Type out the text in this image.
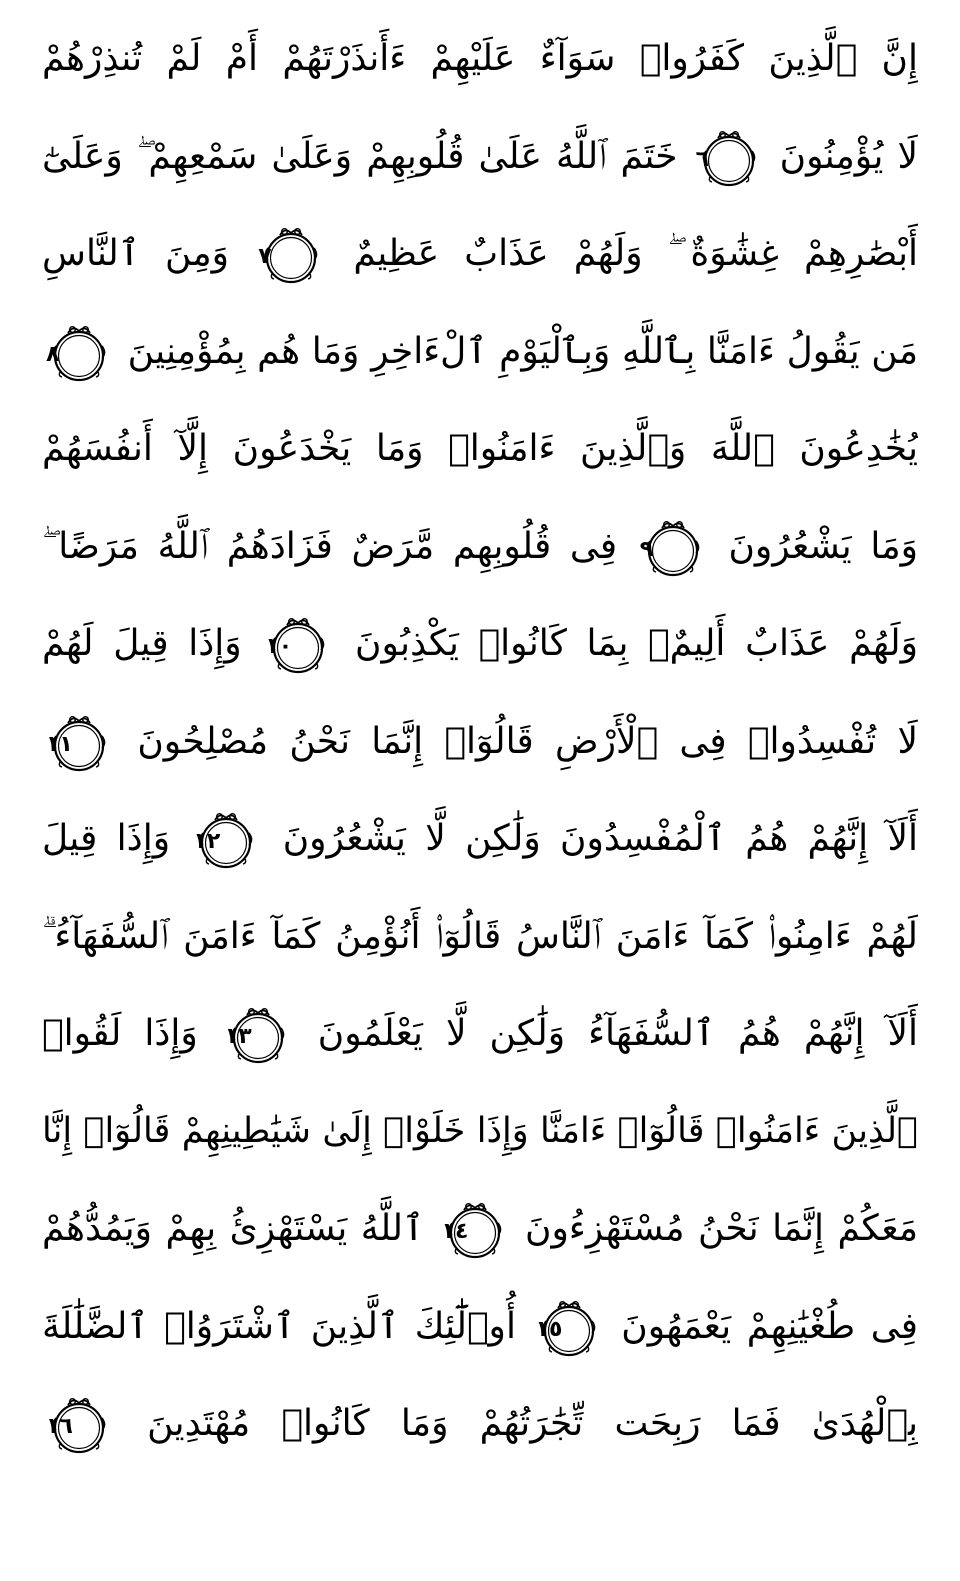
إِنَّ ٱلَّذِينَ كَفَرُوا۟ سَوَآءٌ عَلَيْهِمْ ءَأَنذَرْتَهُمْ أَمْ لَمْ تُنذِرْهُمْ
لَا يُؤْمِنُونَ
٦
خَتَمَ ٱللَّهُ عَلَىٰ قُلُوبِهِمْ وَعَلَىٰ سَمْعِهِمْ ۖ وَعَلَىٰٓ
أَبْصَٰرِهِمْ غِشَٰوَةٌ ۖ وَلَهُمْ عَذَابٌ عَظِيمٌ
٧
وَمِنَ ٱلنَّاسِ
مَن يَقُولُ ءَامَنَّا بِٱللَّهِ وَبِٱلْيَوْمِ ٱلْءَاخِرِ وَمَا هُم بِمُؤْمِنِينَ
٨
يُخَٰدِعُونَ ٱللَّهَ وَٱلَّذِينَ ءَامَنُوا۟ وَمَا يَخْدَعُونَ إِلَّآ أَنفُسَهُمْ
وَمَا يَشْعُرُونَ
٩
فِى قُلُوبِهِم مَّرَضٌ فَزَادَهُمُ ٱللَّهُ مَرَضًا ۖ
وَلَهُمْ عَذَابٌ أَلِيمٌۢ بِمَا كَانُوا۟ يَكْذِبُونَ
١٠
وَإِذَا قِيلَ لَهُمْ
لَا تُفْسِدُوا۟ فِى ٱلْأَرْضِ قَالُوٓا۟ إِنَّمَا نَحْنُ مُصْلِحُونَ
١١
أَلَآ إِنَّهُمْ هُمُ ٱلْمُفْسِدُونَ وَلَٰكِن لَّا يَشْعُرُونَ
١٢
وَإِذَا قِيلَ
لَهُمْ ءَامِنُوا۟ كَمَآ ءَامَنَ ٱلنَّاسُ قَالُوٓا۟ أَنُؤْمِنُ كَمَآ ءَامَنَ ٱلسُّفَهَآءُ ۗ
أَلَآ إِنَّهُمْ هُمُ ٱلسُّفَهَآءُ وَلَٰكِن لَّا يَعْلَمُونَ
١٣
وَإِذَا لَقُوا۟
ٱلَّذِينَ ءَامَنُوا۟ قَالُوٓا۟ ءَامَنَّا وَإِذَا خَلَوْا۟ إِلَىٰ شَيَٰطِينِهِمْ قَالُوٓا۟ إِنَّا
مَعَكُمْ إِنَّمَا نَحْنُ مُسْتَهْزِءُونَ
١٤
ٱللَّهُ يَسْتَهْزِئُ بِهِمْ وَيَمُدُّهُمْ
فِى طُغْيَٰنِهِمْ يَعْمَهُونَ
١٥
أُو۟لَٰٓئِكَ ٱلَّذِينَ ٱشْتَرَوُا۟ ٱلضَّلَٰلَةَ
بِٱلْهُدَىٰ فَمَا رَبِحَت تِّجَٰرَتُهُمْ وَمَا كَانُوا۟ مُهْتَدِينَ
١٦
